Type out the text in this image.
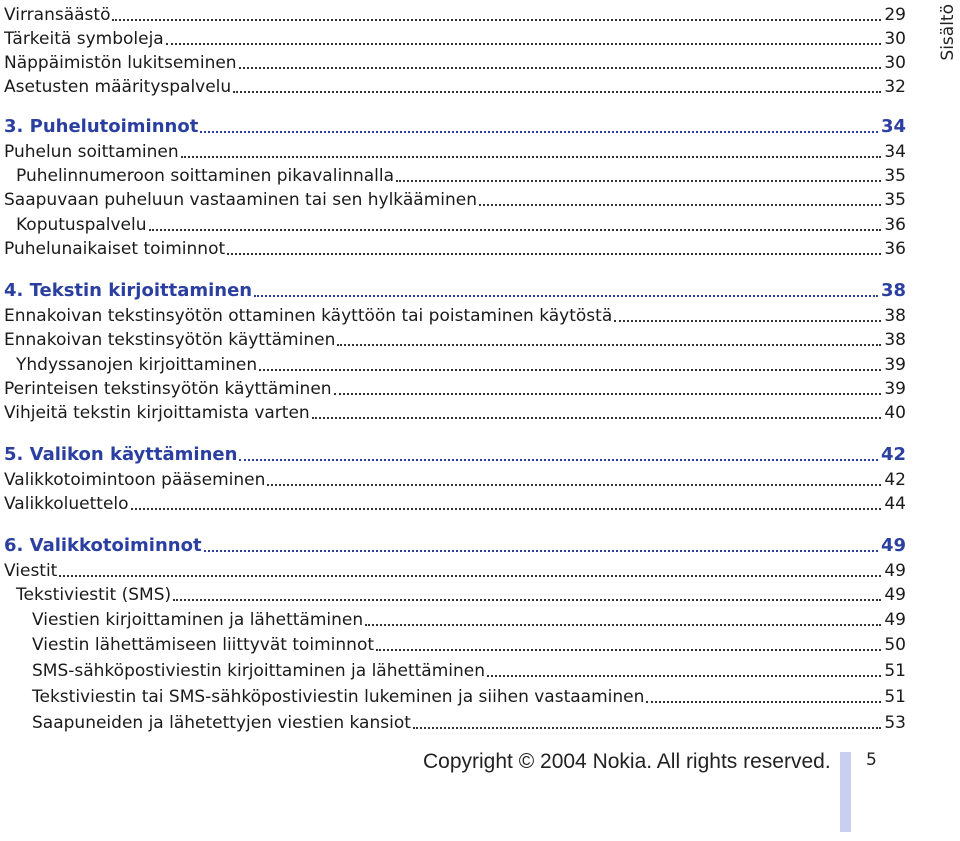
Sisältö
Virransäästö	29
Tärkeitä symboleja	30
Näppäimistön lukitseminen	30
Asetusten määrityspalvelu	32
3. Puhelutoiminnot	34
Puhelun soittaminen	34
Puhelinnumeroon soittaminen pikavalinnalla	35
Saapuvaan puheluun vastaaminen tai sen hylkääminen	35
Koputuspalvelu	36
Puhelunaikaiset toiminnot	36
4. Tekstin kirjoittaminen	38
Ennakoivan tekstinsyötön ottaminen käyttöön tai poistaminen käytöstä	38
Ennakoivan tekstinsyötön käyttäminen	38
Yhdyssanojen kirjoittaminen	39
Perinteisen tekstinsyötön käyttäminen	39
Vihjeitä tekstin kirjoittamista varten	40
5. Valikon käyttäminen	42
Valikkotoimintoon pääseminen	42
Valikkoluettelo	44
6. Valikkotoiminnot	49
Viestit	49
Tekstiviestit (SMS)	49
Viestien kirjoittaminen ja lähettäminen	49
Viestin lähettämiseen liittyvät toiminnot	50
SMS-sähköpostiviestin kirjoittaminen ja lähettäminen	51
Tekstiviestin tai SMS-sähköpostiviestin lukeminen ja siihen vastaaminen	51
Saapuneiden ja lähetettyjen viestien kansiot	53
Copyright © 2004 Nokia. All rights reserved. 5
